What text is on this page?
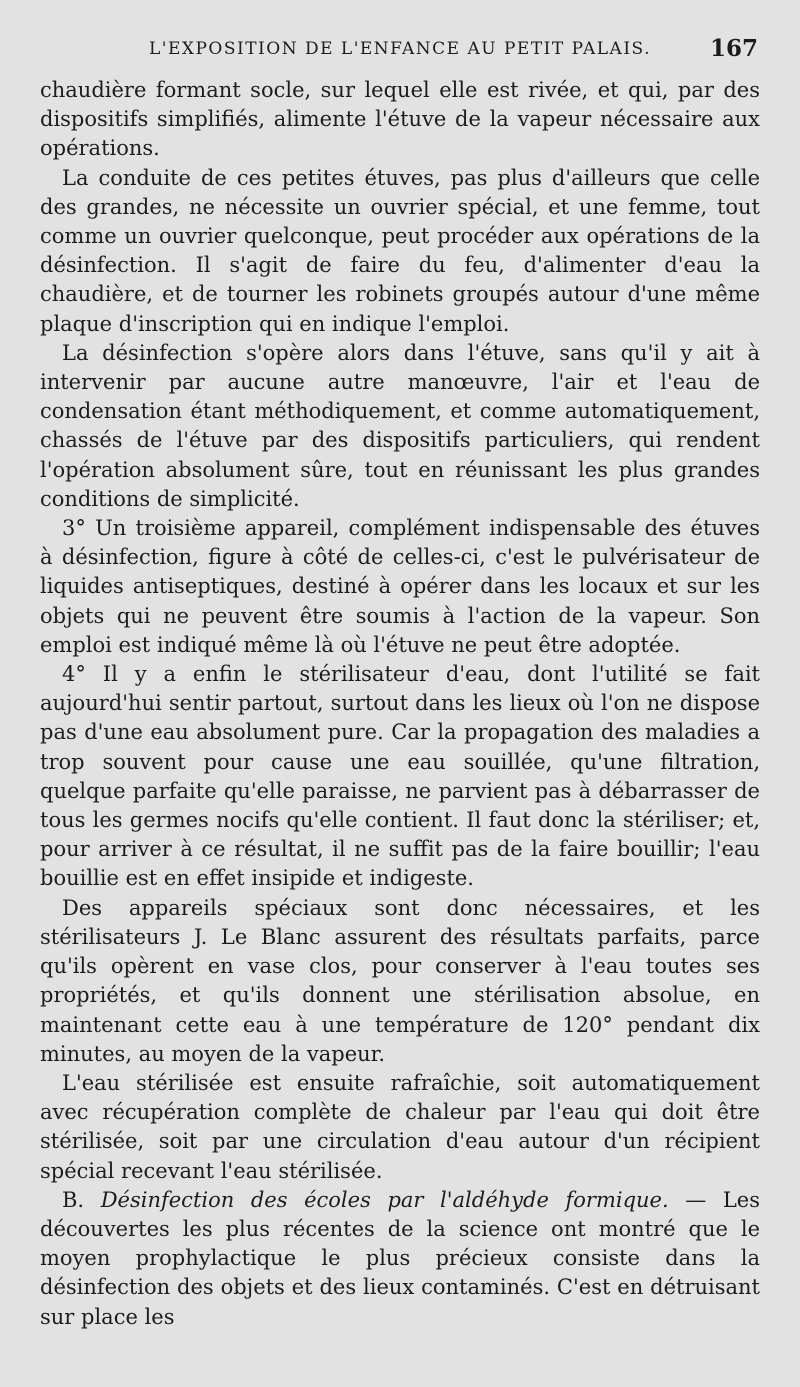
L'EXPOSITION DE L'ENFANCE AU PETIT PALAIS.	167

chaudière formant socle, sur lequel elle est rivée, et qui, par des dispositifs simplifiés, alimente l'étuve de la vapeur nécessaire aux opérations.

La conduite de ces petites étuves, pas plus d'ailleurs que celle des grandes, ne nécessite un ouvrier spécial, et une femme, tout comme un ouvrier quelconque, peut procéder aux opérations de la désinfection. Il s'agit de faire du feu, d'alimenter d'eau la chaudière, et de tourner les robinets groupés autour d'une même plaque d'inscription qui en indique l'emploi.

La désinfection s'opère alors dans l'étuve, sans qu'il y ait à intervenir par aucune autre manœuvre, l'air et l'eau de condensation étant méthodiquement, et comme automatiquement, chassés de l'étuve par des dispositifs particuliers, qui rendent l'opération absolument sûre, tout en réunissant les plus grandes conditions de simplicité.

3° Un troisième appareil, complément indispensable des étuves à désinfection, figure à côté de celles-ci, c'est le pulvérisateur de liquides antiseptiques, destiné à opérer dans les locaux et sur les objets qui ne peuvent être soumis à l'action de la vapeur. Son emploi est indiqué même là où l'étuve ne peut être adoptée.

4° Il y a enfin le stérilisateur d'eau, dont l'utilité se fait aujourd'hui sentir partout, surtout dans les lieux où l'on ne dispose pas d'une eau absolument pure. Car la propagation des maladies a trop souvent pour cause une eau souillée, qu'une filtration, quelque parfaite qu'elle paraisse, ne parvient pas à débarrasser de tous les germes nocifs qu'elle contient. Il faut donc la stériliser; et, pour arriver à ce résultat, il ne suffit pas de la faire bouillir; l'eau bouillie est en effet insipide et indigeste.

Des appareils spéciaux sont donc nécessaires, et les stérilisateurs J. Le Blanc assurent des résultats parfaits, parce qu'ils opèrent en vase clos, pour conserver à l'eau toutes ses propriétés, et qu'ils donnent une stérilisation absolue, en maintenant cette eau à une température de 120° pendant dix minutes, au moyen de la vapeur.

L'eau stérilisée est ensuite rafraîchie, soit automatiquement avec récupération complète de chaleur par l'eau qui doit être stérilisée, soit par une circulation d'eau autour d'un récipient spécial recevant l'eau stérilisée.

B. Désinfection des écoles par l'aldéhyde formique. — Les découvertes les plus récentes de la science ont montré que le moyen prophylactique le plus précieux consiste dans la désinfection des objets et des lieux contaminés. C'est en détruisant sur place les
